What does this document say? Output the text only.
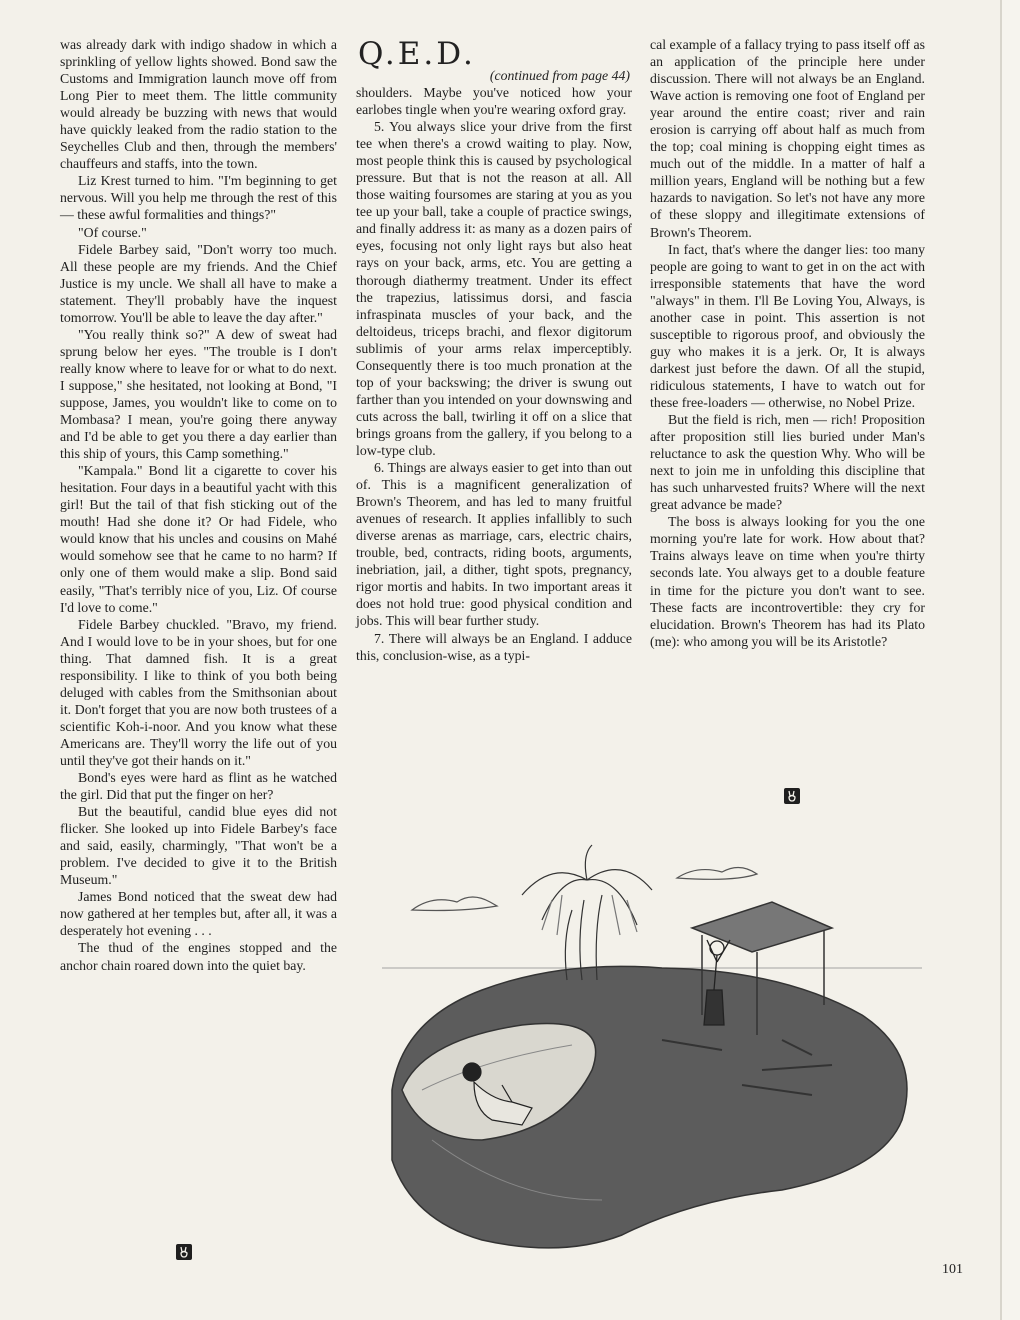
was already dark with indigo shadow in which a sprinkling of yellow lights showed. Bond saw the Customs and Immigration launch move off from Long Pier to meet them. The little community would already be buzzing with news that would have quickly leaked from the radio station to the Seychelles Club and then, through the members' chauffeurs and staffs, into the town.

Liz Krest turned to him. "I'm beginning to get nervous. Will you help me through the rest of this — these awful formalities and things?"

"Of course."

Fidele Barbey said, "Don't worry too much. All these people are my friends. And the Chief Justice is my uncle. We shall all have to make a statement. They'll probably have the inquest tomorrow. You'll be able to leave the day after."

"You really think so?" A dew of sweat had sprung below her eyes. "The trouble is I don't really know where to leave for or what to do next. I suppose," she hesitated, not looking at Bond, "I suppose, James, you wouldn't like to come on to Mombasa? I mean, you're going there anyway and I'd be able to get you there a day earlier than this ship of yours, this Camp something."

"Kampala." Bond lit a cigarette to cover his hesitation. Four days in a beautiful yacht with this girl! But the tail of that fish sticking out of the mouth! Had she done it? Or had Fidele, who would know that his uncles and cousins on Mahé would somehow see that he came to no harm? If only one of them would make a slip. Bond said easily, "That's terribly nice of you, Liz. Of course I'd love to come."

Fidele Barbey chuckled. "Bravo, my friend. And I would love to be in your shoes, but for one thing. That damned fish. It is a great responsibility. I like to think of you both being deluged with cables from the Smithsonian about it. Don't forget that you are now both trustees of a scientific Koh-i-noor. And you know what these Americans are. They'll worry the life out of you until they've got their hands on it."

Bond's eyes were hard as flint as he watched the girl. Did that put the finger on her?

But the beautiful, candid blue eyes did not flicker. She looked up into Fidele Barbey's face and said, easily, charmingly, "That won't be a problem. I've decided to give it to the British Museum."

James Bond noticed that the sweat dew had now gathered at her temples but, after all, it was a desperately hot evening . . .

The thud of the engines stopped and the anchor chain roared down into the quiet bay.

Q.E.D.
(continued from page 44)

shoulders. Maybe you've noticed how your earlobes tingle when you're wearing oxford gray.

5. You always slice your drive from the first tee when there's a crowd waiting to play. Now, most people think this is caused by psychological pressure. But that is not the reason at all. All those waiting foursomes are staring at you as you tee up your ball, take a couple of practice swings, and finally address it: as many as a dozen pairs of eyes, focusing not only light rays but also heat rays on your back, arms, etc. You are getting a thorough diathermy treatment. Under its effect the trapezius, latissimus dorsi, and fascia infraspinata muscles of your back, and the deltoideus, triceps brachi, and flexor digitorum sublimis of your arms relax imperceptibly. Consequently there is too much pronation at the top of your backswing; the driver is swung out farther than you intended on your downswing and cuts across the ball, twirling it off on a slice that brings groans from the gallery, if you belong to a low-type club.

6. Things are always easier to get into than out of. This is a magnificent generalization of Brown's Theorem, and has led to many fruitful avenues of research. It applies infallibly to such diverse arenas as marriage, cars, electric chairs, trouble, bed, contracts, riding boots, arguments, inebriation, jail, a dither, tight spots, pregnancy, rigor mortis and habits. In two important areas it does not hold true: good physical condition and jobs. This will bear further study.

7. There will always be an England. I adduce this, conclusion-wise, as a typi-

cal example of a fallacy trying to pass itself off as an application of the principle here under discussion. There will not always be an England. Wave action is removing one foot of England per year around the entire coast; river and rain erosion is carrying off about half as much from the top; coal mining is chopping eight times as much out of the middle. In a matter of half a million years, England will be nothing but a few hazards to navigation. So let's not have any more of these sloppy and illegitimate extensions of Brown's Theorem.

In fact, that's where the danger lies: too many people are going to want to get in on the act with irresponsible statements that have the word "always" in them. I'll Be Loving You, Always, is another case in point. This assertion is not susceptible to rigorous proof, and obviously the guy who makes it is a jerk. Or, It is always darkest just before the dawn. Of all the stupid, ridiculous statements, I have to watch out for these free-loaders — otherwise, no Nobel Prize.

But the field is rich, men — rich! Proposition after proposition still lies buried under Man's reluctance to ask the question Why. Who will be next to join me in unfolding this discipline that has such unharvested fruits? Where will the next great advance be made?

The boss is always looking for you the one morning you're late for work. How about that? Trains always leave on time when you're thirty seconds late. You always get to a double feature in time for the picture you don't want to see. These facts are incontrovertible: they cry for elucidation. Brown's Theorem has had its Plato (me): who among you will be its Aristotle?

101
